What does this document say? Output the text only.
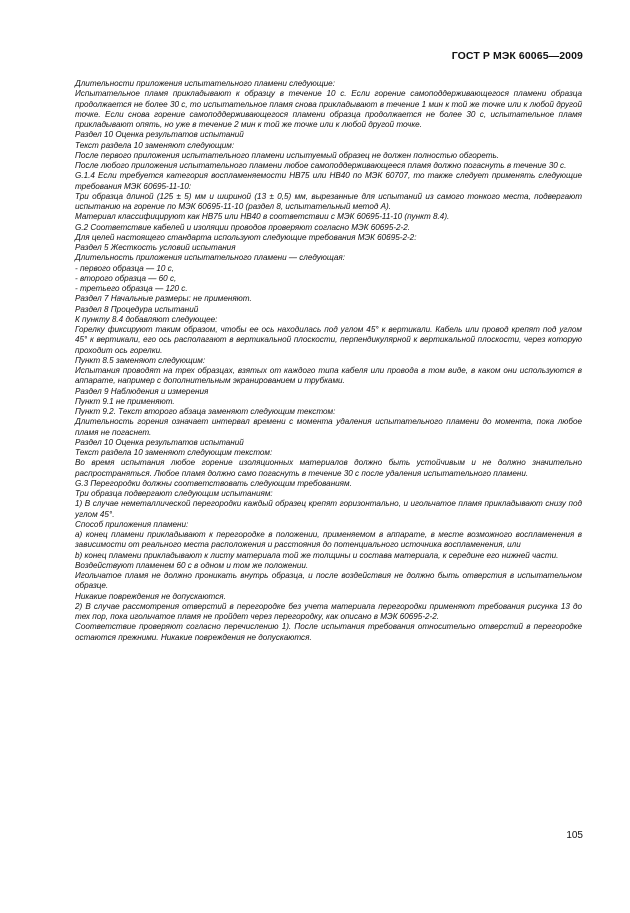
ГОСТ Р МЭК 60065—2009

Длительности приложения испытательного пламени следующие:

Испытательное пламя прикладывают к образцу в течение 10 с. Если горение самоподдерживающегося пламени образца продолжается не более 30 с, то испытательное пламя снова прикладывают в течение 1 мин к той же точке или к любой другой точке. Если снова горение самоподдерживающегося пламени образца продолжается не более 30 с, испытательное пламя прикладывают опять, но уже в течение 2 мин к той же точке или к любой другой точке.

Раздел 10 Оценка результатов испытаний

Текст раздела 10 заменяют следующим:

После первого приложения испытательного пламени испытуемый образец не должен полностью обгореть.

После любого приложения испытательного пламени любое самоподдерживающееся пламя должно погаснуть в течение 30 с.

G.1.4 Если требуется категория воспламеняемости НВ75 или НВ40 по МЭК 60707, то также следует применять следующие требования МЭК 60695-11-10:

Три образца длиной (125 ± 5) мм и шириной (13 ± 0,5) мм, вырезанные для испытаний из самого тонкого места, подвергают испытанию на горение по МЭК 60695-11-10 (раздел 8, испытательный метод А).

Материал классифицируют как НВ75 или НВ40 в соответствии с МЭК 60695-11-10 (пункт 8.4).

G.2 Соответствие кабелей и изоляции проводов проверяют согласно МЭК 60695-2-2.

Для целей настоящего стандарта используют следующие требования МЭК 60695-2-2:

Раздел 5 Жесткость условий испытания

Длительность приложения испытательного пламени — следующая:

- первого образца — 10 с,

- второго образца — 60 с,

- третьего образца — 120 с.

Раздел 7 Начальные размеры: не применяют.

Раздел 8 Процедура испытаний

К пункту 8.4 добавляют следующее:

Горелку фиксируют таким образом, чтобы ее ось находилась под углом 45° к вертикали. Кабель или провод крепят под углом 45° к вертикали, его ось располагают в вертикальной плоскости, перпендикулярной к вертикальной плоскости, через которую проходит ось горелки.

Пункт 8.5 заменяют следующим:

Испытания проводят на трех образцах, взятых от каждого типа кабеля или провода в том виде, в каком они используются в аппарате, например с дополнительным экранированием и трубками.

Раздел 9 Наблюдения и измерения

Пункт 9.1 не применяют.

Пункт 9.2. Текст второго абзаца заменяют следующим текстом:

Длительность горения означает интервал времени с момента удаления испытательного пламени до момента, пока любое пламя не погаснет.

Раздел 10 Оценка результатов испытаний

Текст раздела 10 заменяют следующим текстом:

Во время испытания любое горение изоляционных материалов должно быть устойчивым и не должно значительно распространяться. Любое пламя должно само погаснуть в течение 30 с после удаления испытательного пламени.

G.3 Перегородки должны соответствовать следующим требованиям.

Три образца подвергают следующим испытаниям:

1) В случае неметаллической перегородки каждый образец крепят горизонтально, и игольчатое пламя прикладывают снизу под углом 45°.

Способ приложения пламени:

а) конец пламени прикладывают к перегородке в положении, применяемом в аппарате, в месте возможного воспламенения в зависимости от реального места расположения и расстояния до потенциального источника воспламенения, или

b) конец пламени прикладывают к листу материала той же толщины и состава материала, к середине его нижней части.

Воздействуют пламенем 60 с в одном и том же положении.

Игольчатое пламя не должно проникать внутрь образца, и после воздействия не должно быть отверстия в испытательном образце.

Никакие повреждения не допускаются.

2) В случае рассмотрения отверстий в перегородке без учета материала перегородки применяют требования рисунка 13 до тех пор, пока игольчатое пламя не пройдет через перегородку, как описано в МЭК 60695-2-2.

Соответствие проверяют согласно перечислению 1). После испытания требования относительно отверстий в перегородке остаются прежними. Никакие повреждения не допускаются.

105
